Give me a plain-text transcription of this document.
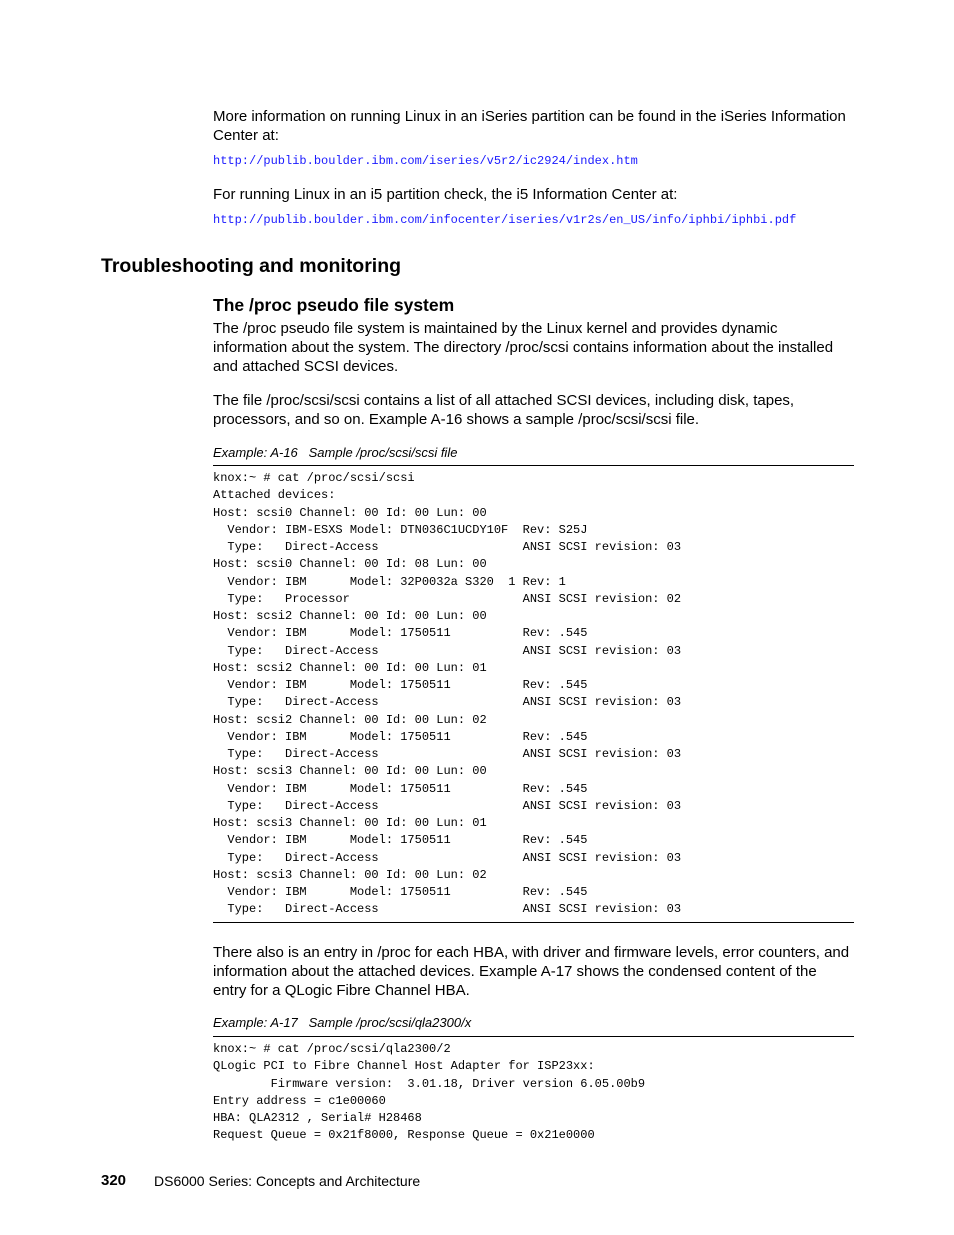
More information on running Linux in an iSeries partition can be found in the iSeries Information Center at:

http://publib.boulder.ibm.com/iseries/v5r2/ic2924/index.htm

For running Linux in an i5 partition check, the i5 Information Center at:

http://publib.boulder.ibm.com/infocenter/iseries/v1r2s/en_US/info/iphbi/iphbi.pdf
Troubleshooting and monitoring
The /proc pseudo file system

The /proc pseudo file system is maintained by the Linux kernel and provides dynamic information about the system. The directory /proc/scsi contains information about the installed and attached SCSI devices.

The file /proc/scsi/scsi contains a list of all attached SCSI devices, including disk, tapes, processors, and so on. Example A-16 shows a sample /proc/scsi/scsi file.

Example: A-16   Sample /proc/scsi/scsi file
knox:~ # cat /proc/scsi/scsi
Attached devices:
Host: scsi0 Channel: 00 Id: 00 Lun: 00
Vendor: IBM-ESXS Model: DTN036C1UCDY10F  Rev: S25J
Type:   Direct-Access                    ANSI SCSI revision: 03
Host: scsi0 Channel: 00 Id: 08 Lun: 00
Vendor: IBM      Model: 32P0032a S320  1 Rev: 1
Type:   Processor                        ANSI SCSI revision: 02
Host: scsi2 Channel: 00 Id: 00 Lun: 00
Vendor: IBM      Model: 1750511          Rev: .545
Type:   Direct-Access                    ANSI SCSI revision: 03
Host: scsi2 Channel: 00 Id: 00 Lun: 01
Vendor: IBM      Model: 1750511          Rev: .545
Type:   Direct-Access                    ANSI SCSI revision: 03
Host: scsi2 Channel: 00 Id: 00 Lun: 02
Vendor: IBM      Model: 1750511          Rev: .545
Type:   Direct-Access                    ANSI SCSI revision: 03
Host: scsi3 Channel: 00 Id: 00 Lun: 00
Vendor: IBM      Model: 1750511          Rev: .545
Type:   Direct-Access                    ANSI SCSI revision: 03
Host: scsi3 Channel: 00 Id: 00 Lun: 01
Vendor: IBM      Model: 1750511          Rev: .545
Type:   Direct-Access                    ANSI SCSI revision: 03
Host: scsi3 Channel: 00 Id: 00 Lun: 02
Vendor: IBM      Model: 1750511          Rev: .545
Type:   Direct-Access                    ANSI SCSI revision: 03

There also is an entry in /proc for each HBA, with driver and firmware levels, error counters, and information about the attached devices. Example A-17 shows the condensed content of the entry for a QLogic Fibre Channel HBA.

Example: A-17   Sample /proc/scsi/qla2300/x
knox:~ # cat /proc/scsi/qla2300/2
QLogic PCI to Fibre Channel Host Adapter for ISP23xx:
Firmware version:  3.01.18, Driver version 6.05.00b9
Entry address = c1e00060
HBA: QLA2312 , Serial# H28468
Request Queue = 0x21f8000, Response Queue = 0x21e0000
320 DS6000 Series: Concepts and Architecture
